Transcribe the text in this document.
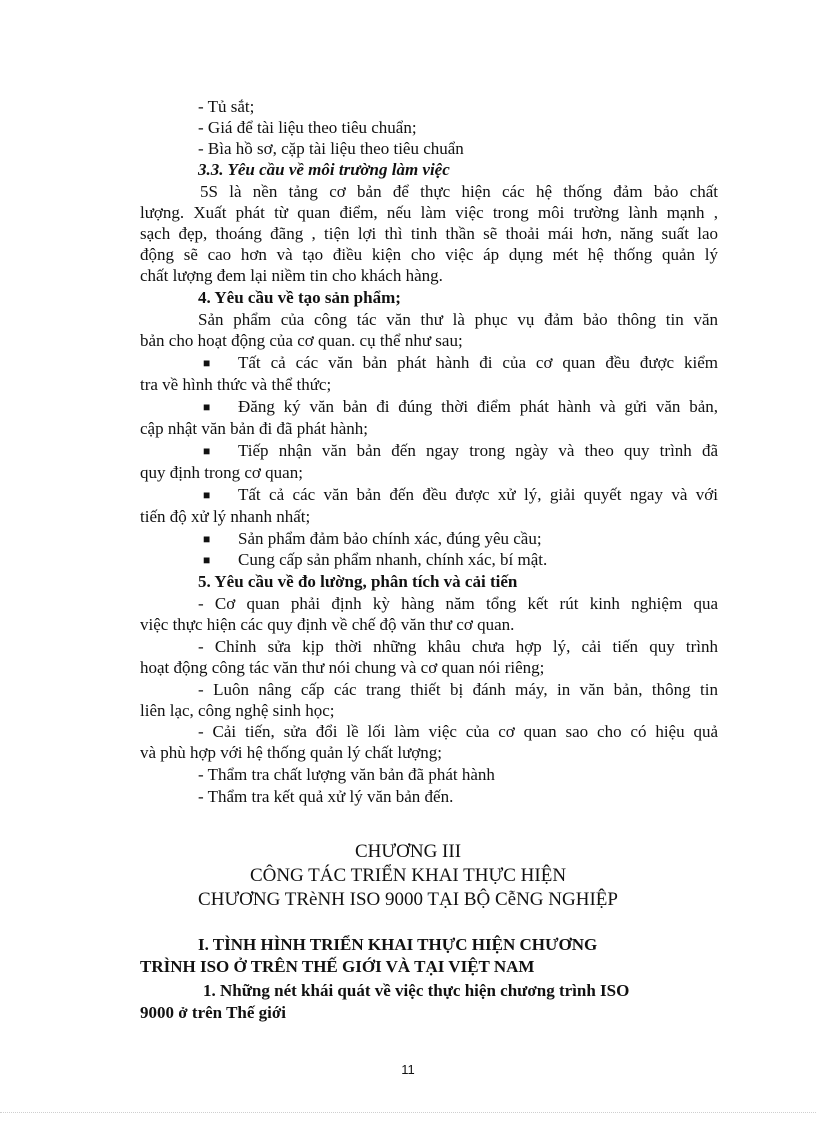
- Tủ sắt;
- Giá để tài liệu theo tiêu chuẩn;
- Bìa hồ sơ, cặp tài liệu theo tiêu chuẩn
3.3. Yêu cầu về môi trường làm việc
5S là nền tảng cơ bản để thực hiện các hệ thống đảm bảo chất
lượng. Xuất phát từ quan điểm, nếu làm việc trong môi trường lành mạnh ,
sạch đẹp, thoáng đãng , tiện lợi thì tinh thần sẽ thoải mái hơn, năng suất lao
động sẽ cao hơn và tạo điều kiện cho việc áp dụng mét hệ thống quản lý
chất lượng đem lại niềm tin cho khách hàng.
4. Yêu cầu về tạo sản phẩm;
Sản phẩm của công tác văn thư là phục vụ đảm bảo thông tin văn
bản cho hoạt động của cơ quan. cụ thể như sau;
■ Tất cả các văn bản phát hành đi của cơ quan đều được kiểm
tra về hình thức và thể thức;
■ Đăng ký văn bản đi đúng thời điểm phát hành và gửi văn bản,
cập nhật văn bản đi đã phát hành;
■ Tiếp nhận văn bản đến ngay trong ngày và theo quy trình đã
quy định trong cơ quan;
■ Tất cả các văn bản đến đều được xử lý, giải quyết ngay và với
tiến độ xử lý nhanh nhất;
■ Sản phẩm đảm bảo chính xác, đúng yêu cầu;
■ Cung cấp sản phẩm nhanh, chính xác, bí mật.
5. Yêu cầu về đo lường, phân tích và cải tiến
- Cơ quan phải định kỳ hàng năm tổng kết rút kinh nghiệm qua
việc thực hiện các quy định về chế độ văn thư cơ quan.
- Chỉnh sửa kịp thời những khâu chưa hợp lý, cải tiến quy trình
hoạt động công tác văn thư nói chung và cơ quan nói riêng;
- Luôn nâng cấp các trang thiết bị đánh máy, in văn bản, thông tin
liên lạc, công nghệ sinh học;
- Cải tiến, sửa đổi lề lối làm việc của cơ quan sao cho có hiệu quả
và phù hợp với hệ thống quản lý chất lượng;
- Thẩm tra chất lượng văn bản đã phát hành
- Thẩm tra kết quả xử lý văn bản đến.
CHƯƠNG III
CÔNG TÁC TRIỂN KHAI THỰC HIỆN
CHƯƠNG TRèNH ISO 9000 TẠI BỘ CễNG NGHIỆP
I. TÌNH HÌNH TRIỂN KHAI THỰC HIỆN CHƯƠNG
TRÌNH ISO Ở TRÊN THẾ GIỚI VÀ TẠI VIỆT NAM
1. Những nét khái quát về việc thực hiện chương trình ISO
9000 ở trên Thế giới
11
